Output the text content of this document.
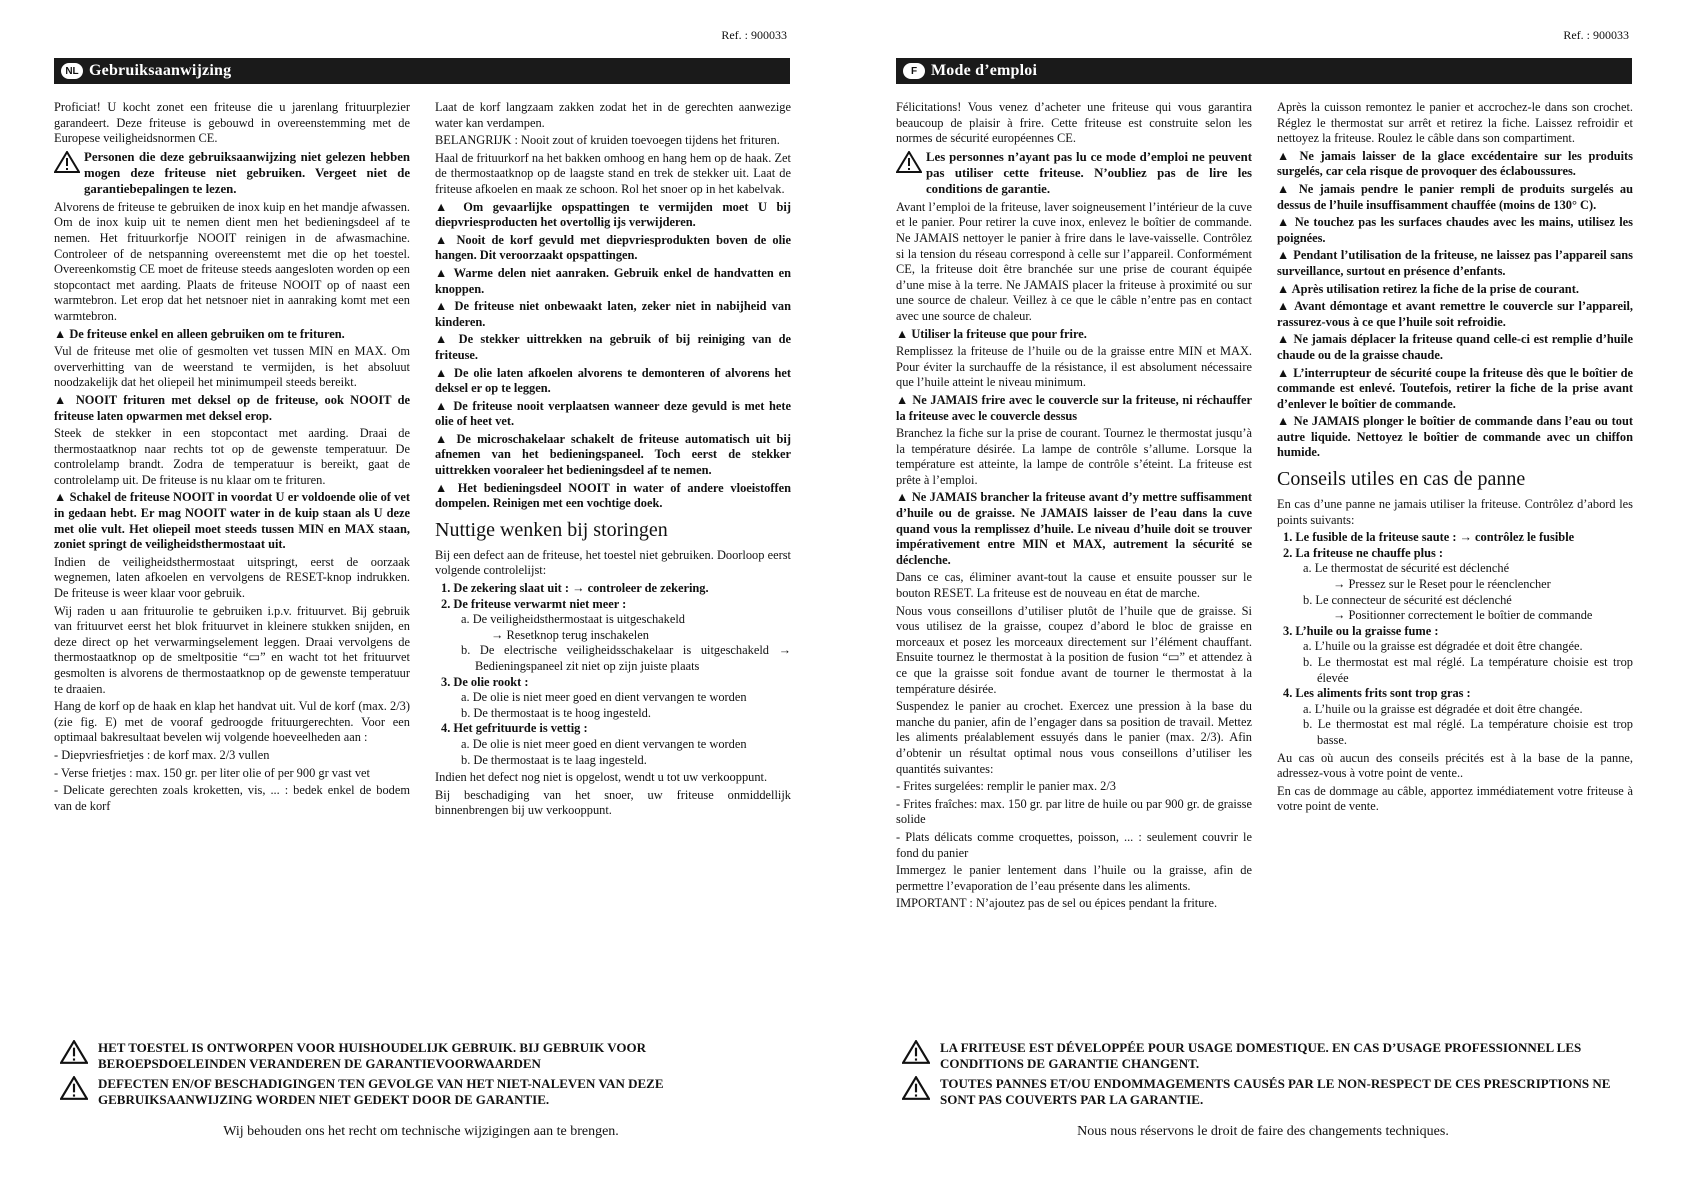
Ref. : 900033
NL Gebruiksaanwijzing

Proficiat! U kocht zonet een friteuse die u jarenlang frituurplezier garandeert. Deze friteuse is gebouwd in overeenstemming met de Europese veiligheidsnormen CE.

Personen die deze gebruiksaanwijzing niet gelezen hebben mogen deze friteuse niet gebruiken. Vergeet niet de garantiebepalingen te lezen.

Alvorens de friteuse te gebruiken de inox kuip en het mandje afwassen. Om de inox kuip uit te nemen dient men het bedieningsdeel af te nemen. Het frituurkorfje NOOIT reinigen in de afwasmachine. Controleer of de netspanning overeenstemt met die op het toestel. Overeenkomstig CE moet de friteuse steeds aangesloten worden op een stopcontact met aarding. Plaats de friteuse NOOIT op of naast een warmtebron. Let erop dat het netsnoer niet in aanraking komt met een warmtebron.

▲ De friteuse enkel en alleen gebruiken om te frituren.

Vul de friteuse met olie of gesmolten vet tussen MIN en MAX. Om oververhitting van de weerstand te vermijden, is het absoluut noodzakelijk dat het oliepeil het minimumpeil steeds bereikt.

▲ NOOIT frituren met deksel op de friteuse, ook NOOIT de friteuse laten opwarmen met deksel erop.

Steek de stekker in een stopcontact met aarding. Draai de thermostaatknop naar rechts tot op de gewenste temperatuur. De controlelamp brandt. Zodra de temperatuur is bereikt, gaat de controlelamp uit. De friteuse is nu klaar om te frituren.

▲ Schakel de friteuse NOOIT in voordat U er voldoende olie of vet in gedaan hebt. Er mag NOOIT water in de kuip staan als U deze met olie vult. Het oliepeil moet steeds tussen MIN en MAX staan, zoniet springt de veiligheidsthermostaat uit.

Indien de veiligheidsthermostaat uitspringt, eerst de oorzaak wegnemen, laten afkoelen en vervolgens de RESET-knop indrukken. De friteuse is weer klaar voor gebruik.

Wij raden u aan frituurolie te gebruiken i.p.v. frituurvet. Bij gebruik van frituurvet eerst het blok frituurvet in kleinere stukken snijden, en deze direct op het verwarmingselement leggen. Draai vervolgens de thermostaatknop op de smeltpositie “▭” en wacht tot het frituurvet gesmolten is alvorens de thermostaatknop op de gewenste temperatuur te draaien.

Hang de korf op de haak en klap het handvat uit. Vul de korf (max. 2/3) (zie fig. E) met de vooraf gedroogde frituurgerechten. Voor een optimaal bakresultaat bevelen wij volgende hoeveelheden aan :

- Diepvriesfrietjes : de korf max. 2/3 vullen

- Verse frietjes : max. 150 gr. per liter olie of per 900 gr vast vet

- Delicate gerechten zoals kroketten, vis, ... : bedek enkel de bodem van de korf

Laat de korf langzaam zakken zodat het in de gerechten aanwezige water kan verdampen.

BELANGRIJK : Nooit zout of kruiden toevoegen tijdens het frituren.

Haal de frituurkorf na het bakken omhoog en hang hem op de haak. Zet de thermostaatknop op de laagste stand en trek de stekker uit. Laat de friteuse afkoelen en maak ze schoon. Rol het snoer op in het kabelvak.

▲ Om gevaarlijke opspattingen te vermijden moet U bij diepvriesproducten het overtollig ijs verwijderen.

▲ Nooit de korf gevuld met diepvriesprodukten boven de olie hangen. Dit veroorzaakt opspattingen.

▲ Warme delen niet aanraken. Gebruik enkel de handvatten en knoppen.

▲ De friteuse niet onbewaakt laten, zeker niet in nabijheid van kinderen.

▲ De stekker uittrekken na gebruik of bij reiniging van de friteuse.

▲ De olie laten afkoelen alvorens te demonteren of alvorens het deksel er op te leggen.

▲ De friteuse nooit verplaatsen wanneer deze gevuld is met hete olie of heet vet.

▲ De microschakelaar schakelt de friteuse automatisch uit bij afnemen van het bedieningspaneel. Toch eerst de stekker uittrekken vooraleer het bedieningsdeel af te nemen.

▲ Het bedieningsdeel NOOIT in water of andere vloeistoffen dompelen. Reinigen met een vochtige doek.

Nuttige wenken bij storingen

Bij een defect aan de friteuse, het toestel niet gebruiken. Doorloop eerst volgende controlelijst:

1. De zekering slaat uit : → controleer de zekering.
2. De friteuse verwarmt niet meer :
a. De veiligheidsthermostaat is uitgeschakeld
→ Resetknop terug inschakelen
b. De electrische veiligheidsschakelaar is uitgeschakeld → Bedieningspaneel zit niet op zijn juiste plaats
3. De olie rookt :
a. De olie is niet meer goed en dient vervangen te worden
b. De thermostaat is te hoog ingesteld.
4. Het gefrituurde is vettig :
a. De olie is niet meer goed en dient vervangen te worden
b. De thermostaat is te laag ingesteld.

Indien het defect nog niet is opgelost, wendt u tot uw verkooppunt.

Bij beschadiging van het snoer, uw friteuse onmiddellijk binnenbrengen bij uw verkooppunt.

HET TOESTEL IS ONTWORPEN VOOR HUISHOUDELIJK GEBRUIK. BIJ GEBRUIK VOOR BEROEPSDOELEINDEN VERANDEREN DE GARANTIEVOORWAARDEN
DEFECTEN EN/OF BESCHADIGINGEN TEN GEVOLGE VAN HET NIET-NALEVEN VAN DEZE GEBRUIKSAANWIJZING WORDEN NIET GEDEKT DOOR DE GARANTIE.
Wij behouden ons het recht om technische wijzigingen aan te brengen.
Ref. : 900033
F Mode d’emploi

Félicitations! Vous venez d’acheter une friteuse qui vous garantira beaucoup de plaisir à frire. Cette friteuse est construite selon les normes de sécurité européennes CE.

Les personnes n’ayant pas lu ce mode d’emploi ne peuvent pas utiliser cette friteuse. N’oubliez pas de lire les conditions de garantie.

Avant l’emploi de la friteuse, laver soigneusement l’intérieur de la cuve et le panier. Pour retirer la cuve inox, enlevez le boîtier de commande. Ne JAMAIS nettoyer le panier à frire dans le lave-vaisselle. Contrôlez si la tension du réseau correspond à celle sur l’appareil. Conformément CE, la friteuse doit être branchée sur une prise de courant équipée d’une mise à la terre. Ne JAMAIS placer la friteuse à proximité ou sur une source de chaleur. Veillez à ce que le câble n’entre pas en contact avec une source de chaleur.

▲ Utiliser la friteuse que pour frire.

Remplissez la friteuse de l’huile ou de la graisse entre MIN et MAX. Pour éviter la surchauffe de la résistance, il est absolument nécessaire que l’huile atteint le niveau minimum.

▲ Ne JAMAIS frire avec le couvercle sur la friteuse, ni réchauffer la friteuse avec le couvercle dessus

Branchez la fiche sur la prise de courant. Tournez le thermostat jusqu’à la température désirée. La lampe de contrôle s’allume. Lorsque la température est atteinte, la lampe de contrôle s’éteint. La friteuse est prête à l’emploi.

▲ Ne JAMAIS brancher la friteuse avant d’y mettre suffisamment d’huile ou de graisse. Ne JAMAIS laisser de l’eau dans la cuve quand vous la remplissez d’huile. Le niveau d’huile doit se trouver impérativement entre MIN et MAX, autrement la sécurité se déclenche.

Dans ce cas, éliminer avant-tout la cause et ensuite pousser sur le bouton RESET. La friteuse est de nouveau en état de marche.

Nous vous conseillons d’utiliser plutôt de l’huile que de graisse. Si vous utilisez de la graisse, coupez d’abord le bloc de graisse en morceaux et posez les morceaux directement sur l’élément chauffant. Ensuite tournez le thermostat à la position de fusion “▭” et attendez à ce que la graisse soit fondue avant de tourner le thermostat à la température désirée.

Suspendez le panier au crochet. Exercez une pression à la base du manche du panier, afin de l’engager dans sa position de travail. Mettez les aliments préalablement essuyés dans le panier (max. 2/3). Afin d’obtenir un résultat optimal nous vous conseillons d’utiliser les quantités suivantes:

- Frites surgelées: remplir le panier max. 2/3

- Frites fraîches: max. 150 gr. par litre de huile ou par 900 gr. de graisse solide

- Plats délicats comme croquettes, poisson, ... : seulement couvrir le fond du panier

Immergez le panier lentement dans l’huile ou la graisse, afin de permettre l’evaporation de l’eau présente dans les aliments.

IMPORTANT : N’ajoutez pas de sel ou épices pendant la friture.

Après la cuisson remontez le panier et accrochez-le dans son crochet. Réglez le thermostat sur arrêt et retirez la fiche. Laissez refroidir et nettoyez la friteuse. Roulez le câble dans son compartiment.

▲ Ne jamais laisser de la glace excédentaire sur les produits surgelés, car cela risque de provoquer des éclaboussures.

▲ Ne jamais pendre le panier rempli de produits surgelés au dessus de l’huile insuffisamment chauffée (moins de 130° C).

▲ Ne touchez pas les surfaces chaudes avec les mains, utilisez les poignées.

▲ Pendant l’utilisation de la friteuse, ne laissez pas l’appareil sans surveillance, surtout en présence d’enfants.

▲ Après utilisation retirez la fiche de la prise de courant.

▲ Avant démontage et avant remettre le couvercle sur l’appareil, rassurez-vous à ce que l’huile soit refroidie.

▲ Ne jamais déplacer la friteuse quand celle-ci est remplie d’huile chaude ou de la graisse chaude.

▲ L’interrupteur de sécurité coupe la friteuse dès que le boîtier de commande est enlevé. Toutefois, retirer la fiche de la prise avant d’enlever le boîtier de commande.

▲ Ne JAMAIS plonger le boîtier de commande dans l’eau ou tout autre liquide. Nettoyez le boîtier de commande avec un chiffon humide.

Conseils utiles en cas de panne

En cas d’une panne ne jamais utiliser la friteuse. Contrôlez d’abord les points suivants:

1. Le fusible de la friteuse saute : → contrôlez le fusible
2. La friteuse ne chauffe plus :
a. Le thermostat de sécurité est déclenché
→ Pressez sur le Reset pour le réenclencher
b. Le connecteur de sécurité est déclenché
→ Positionner correctement le boîtier de commande
3. L’huile ou la graisse fume :
a. L’huile ou la graisse est dégradée et doit être changée.
b. Le thermostat est mal réglé. La température choisie est trop élevée
4. Les aliments frits sont trop gras :
a. L’huile ou la graisse est dégradée et doit être changée.
b. Le thermostat est mal réglé. La température choisie est trop basse.

Au cas où aucun des conseils précités est à la base de la panne, adressez-vous à votre point de vente..

En cas de dommage au câble, apportez immédiatement votre friteuse à votre point de vente.

LA FRITEUSE EST DÉVELOPPÉE POUR USAGE DOMESTIQUE. EN CAS D’USAGE PROFESSIONNEL LES CONDITIONS DE GARANTIE CHANGENT.
TOUTES PANNES ET/OU ENDOMMAGEMENTS CAUSÉS PAR LE NON-RESPECT DE CES PRESCRIPTIONS NE SONT PAS COUVERTS PAR LA GARANTIE.
Nous nous réservons le droit de faire des changements techniques.
